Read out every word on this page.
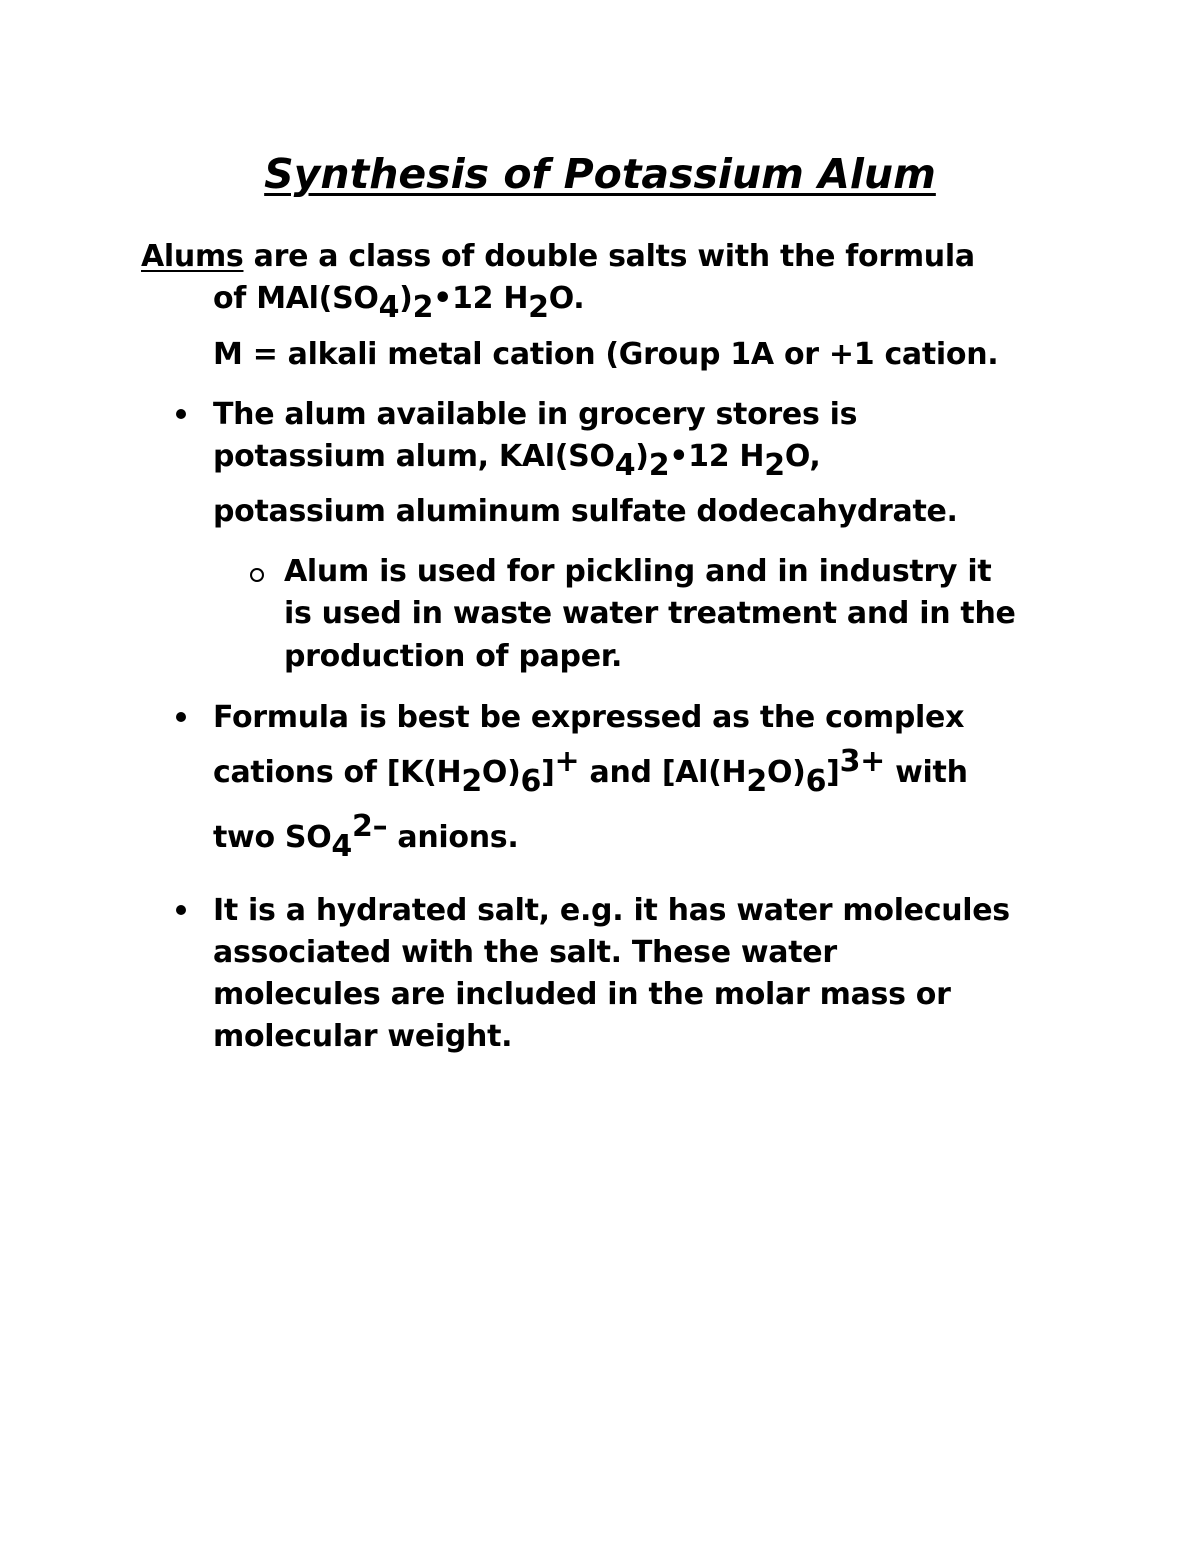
Synthesis of Potassium Alum
Alums are a class of double salts with the formula
of MAl(SO4)2•12 H2O.
M = alkali metal cation (Group 1A or +1 cation.
The alum available in grocery stores is
potassium alum, KAl(SO4)2•12 H2O,
potassium aluminum sulfate dodecahydrate.
Alum is used for pickling and in industry it
is used in waste water treatment and in the
production of paper.
Formula is best be expressed as the complex
cations of [K(H2O)6]+ and [Al(H2O)6]3+ with
two SO42– anions.
It is a hydrated salt, e.g. it has water molecules
associated with the salt. These water
molecules are included in the molar mass or
molecular weight.
